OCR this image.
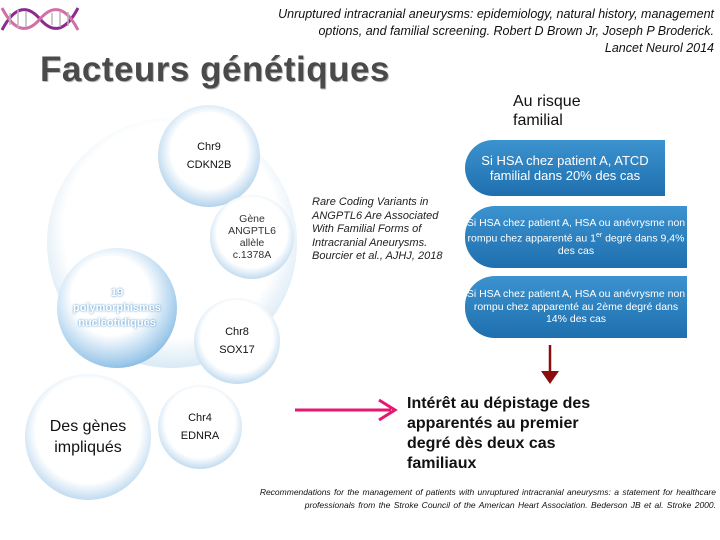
Unruptured intracranial aneurysms: epidemiology, natural history, management
options, and familial screening. Robert D Brown Jr, Joseph P Broderick.
Lancet Neurol 2014
Facteurs génétiques
Au risque
familial
Chr9
CDKN2B
Gène
ANGPTL6
allèle
c.1378A
19
polymorphismes
nucléotidiques
Chr8
SOX17
Des gènes
impliqués
Chr4
EDNRA
Rare Coding Variants in ANGPTL6 Are Associated With Familial Forms of Intracranial Aneurysms. Bourcier et al., AJHJ, 2018
Si HSA chez patient A, ATCD familial dans 20% des cas
Si HSA chez patient A, HSA ou anévrysme non rompu chez apparenté au 1er degré dans 9,4% des cas
Si HSA chez patient A, HSA ou anévrysme non rompu chez apparenté au 2ème degré dans 14% des cas
Intérêt au dépistage des apparentés au premier degré dès deux cas familiaux
Recommendations for the management of patients with unruptured intracranial aneurysms: a statement for healthcare
professionals from the Stroke Council of the American Heart Association. Bederson JB et al. Stroke 2000.
